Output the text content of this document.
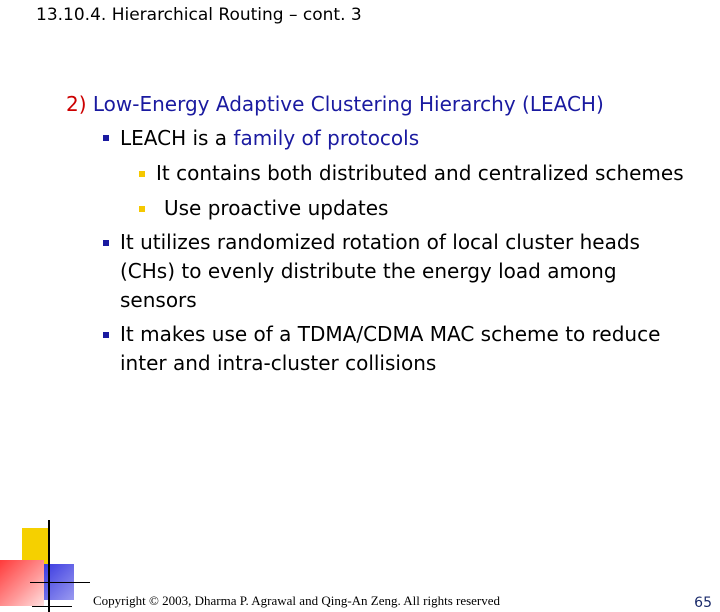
13.10.4. Hierarchical Routing – cont. 3
2) Low-Energy Adaptive Clustering Hierarchy (LEACH)
LEACH is a family of protocols
It contains both distributed and centralized schemes
Use proactive updates
It utilizes randomized rotation of local cluster heads
(CHs) to evenly distribute the energy load among
sensors
It makes use of a TDMA/CDMA MAC scheme to reduce
inter and intra-cluster collisions
Copyright © 2003, Dharma P. Agrawal and Qing-An Zeng. All rights reserved	65
